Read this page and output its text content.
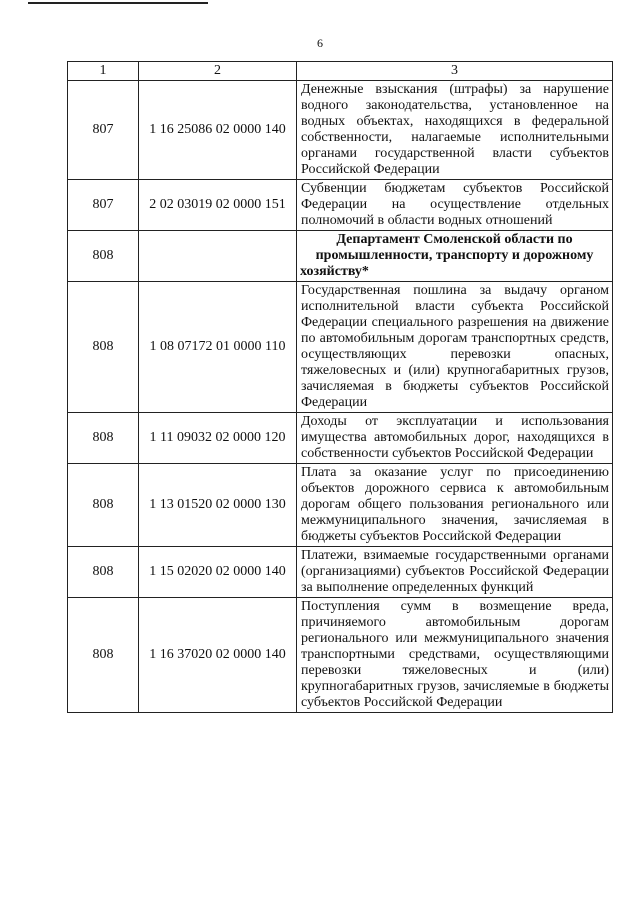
6
1	2	3
807	1 16 25086 02 0000 140	Денежные взыскания (штрафы) за нарушение водного законодательства, установленное на водных объектах, находящихся в федеральной собственности, налагаемые исполнительными органами государственной власти субъектов Российской Федерации
807	2 02 03019 02 0000 151	Субвенции бюджетам субъектов Российской Федерации на осуществление отдельных полномочий в области водных отношений
808		Департамент Смоленской области по промышленности, транспорту и дорожному хозяйству*
808	1 08 07172 01 0000 110	Государственная пошлина за выдачу органом исполнительной власти субъекта Российской Федерации специального разрешения на движение по автомобильным дорогам транспортных средств, осуществляющих перевозки опасных, тяжеловесных и (или) крупногабаритных грузов, зачисляемая в бюджеты субъектов Российской Федерации
808	1 11 09032 02 0000 120	Доходы от эксплуатации и использования имущества автомобильных дорог, находящихся в собственности субъектов Российской Федерации
808	1 13 01520 02 0000 130	Плата за оказание услуг по присоединению объектов дорожного сервиса к автомобильным дорогам общего пользования регионального или межмуниципального значения, зачисляемая в бюджеты субъектов Российской Федерации
808	1 15 02020 02 0000 140	Платежи, взимаемые государственными органами (организациями) субъектов Российской Федерации за выполнение определенных функций
808	1 16 37020 02 0000 140	Поступления сумм в возмещение вреда, причиняемого автомобильным дорогам регионального или межмуниципального значения транспортными средствами, осуществляющими перевозки тяжеловесных и (или) крупногабаритных грузов, зачисляемые в бюджеты субъектов Российской Федерации
